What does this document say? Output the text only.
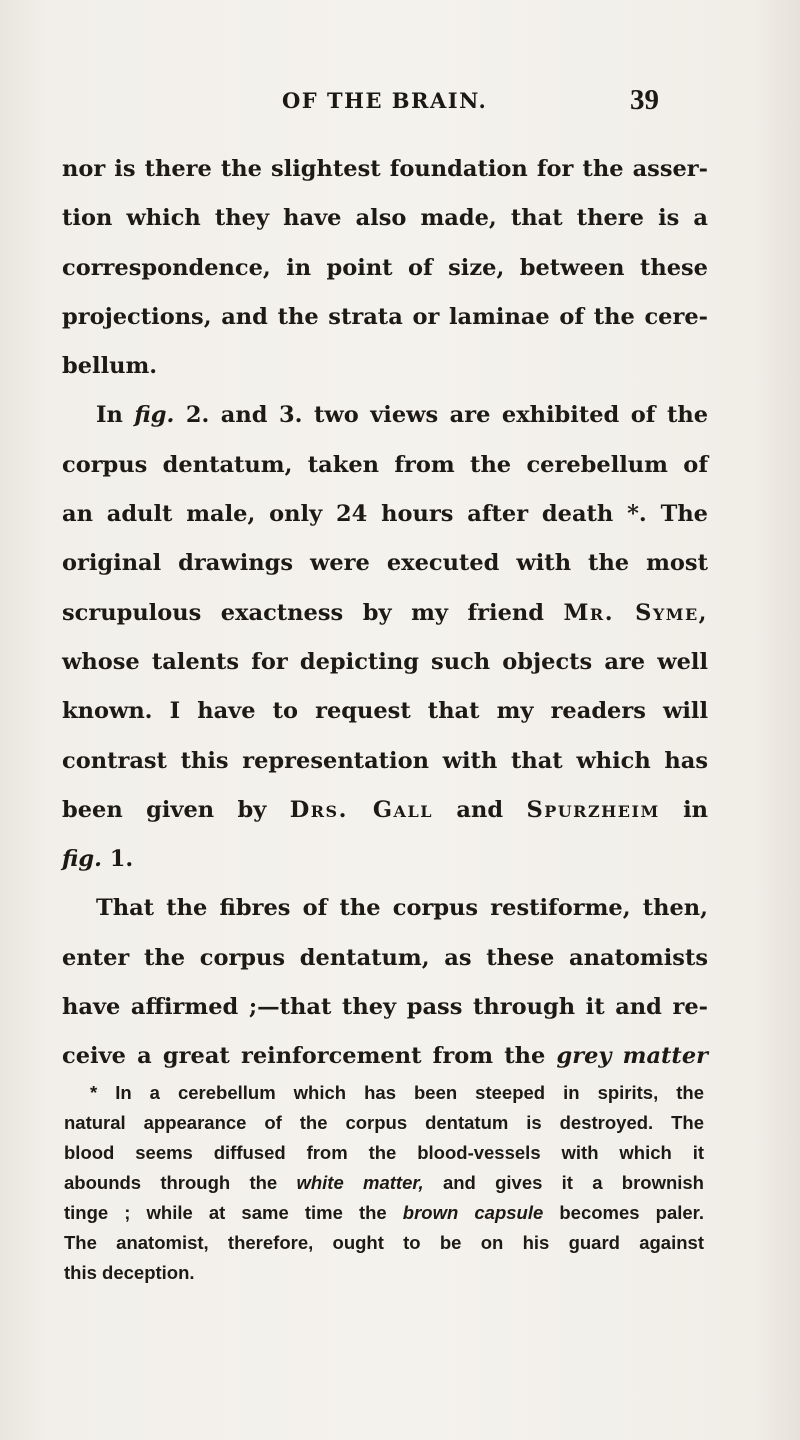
OF THE BRAIN.	39
nor is there the slightest foundation for the asser-
tion which they have also made, that there is a
correspondence, in point of size, between these
projections, and the strata or laminae of the cere-
bellum.
In fig. 2. and 3. two views are exhibited of the
corpus dentatum, taken from the cerebellum of
an adult male, only 24 hours after death *. The
original drawings were executed with the most
scrupulous exactness by my friend Mr. Syme,
whose talents for depicting such objects are well
known. I have to request that my readers will
contrast this representation with that which has
been given by Drs. Gall and Spurzheim in
fig. 1.
That the fibres of the corpus restiforme, then,
enter the corpus dentatum, as these anatomists
have affirmed ;—that they pass through it and re-
ceive a great reinforcement from the grey matter
* In a cerebellum which has been steeped in spirits, the
natural appearance of the corpus dentatum is destroyed. The
blood seems diffused from the blood-vessels with which it
abounds through the white matter, and gives it a brownish
tinge ; while at same time the brown capsule becomes paler.
The anatomist, therefore, ought to be on his guard against
this deception.
